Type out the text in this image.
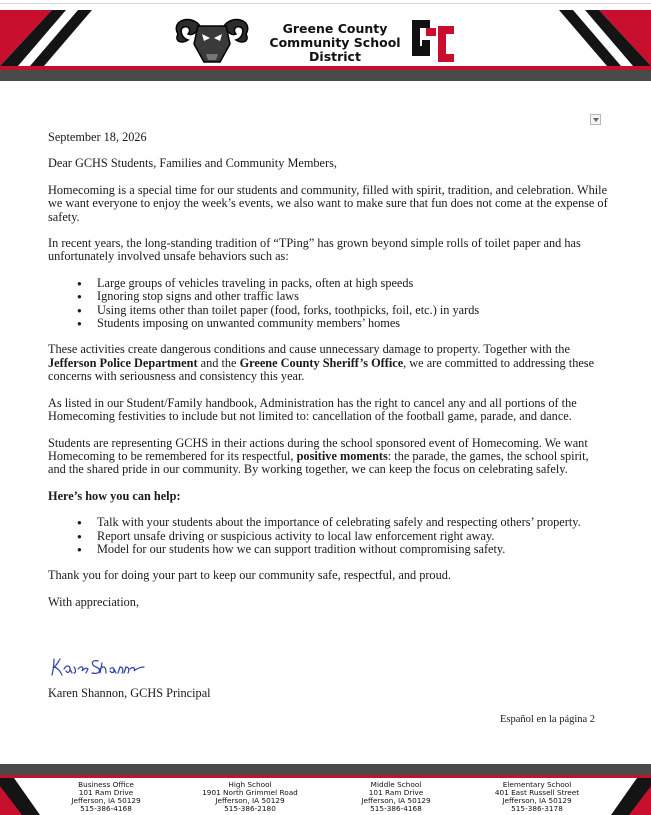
Greene County
Community School
District

September 18, 2026

Dear GCHS Students, Families and Community Members,

Homecoming is a special time for our students and community, filled with spirit, tradition, and celebration. While we want everyone to enjoy the week’s events, we also want to make sure that fun does not come at the expense of safety.

In recent years, the long-standing tradition of “TPing” has grown beyond simple rolls of toilet paper and has unfortunately involved unsafe behaviors such as:

● Large groups of vehicles traveling in packs, often at high speeds
● Ignoring stop signs and other traffic laws
● Using items other than toilet paper (food, forks, toothpicks, foil, etc.) in yards
● Students imposing on unwanted community members’ homes

These activities create dangerous conditions and cause unnecessary damage to property. Together with the Jefferson Police Department and the Greene County Sheriff’s Office, we are committed to addressing these concerns with seriousness and consistency this year.

As listed in our Student/Family handbook, Administration has the right to cancel any and all portions of the Homecoming festivities to include but not limited to: cancellation of the football game, parade, and dance.

Students are representing GCHS in their actions during the school sponsored event of Homecoming. We want Homecoming to be remembered for its respectful, positive moments: the parade, the games, the school spirit, and the shared pride in our community. By working together, we can keep the focus on celebrating safely.

Here’s how you can help:

● Talk with your students about the importance of celebrating safely and respecting others’ property.
● Report unsafe driving or suspicious activity to local law enforcement right away.
● Model for our students how we can support tradition without compromising safety.

Thank you for doing your part to keep our community safe, respectful, and proud.

With appreciation,

Karen Shannon, GCHS Principal
Español en la página 2
Business Office
101 Ram Drive
Jefferson, IA 50129
515-386-4168
High School
1901 North Grimmel Road
Jefferson, IA 50129
515-386-2180
Middle School
101 Ram Drive
Jefferson, IA 50129
515-386-4168
Elementary School
401 East Russell Street
Jefferson, IA 50129
515-386-3178
